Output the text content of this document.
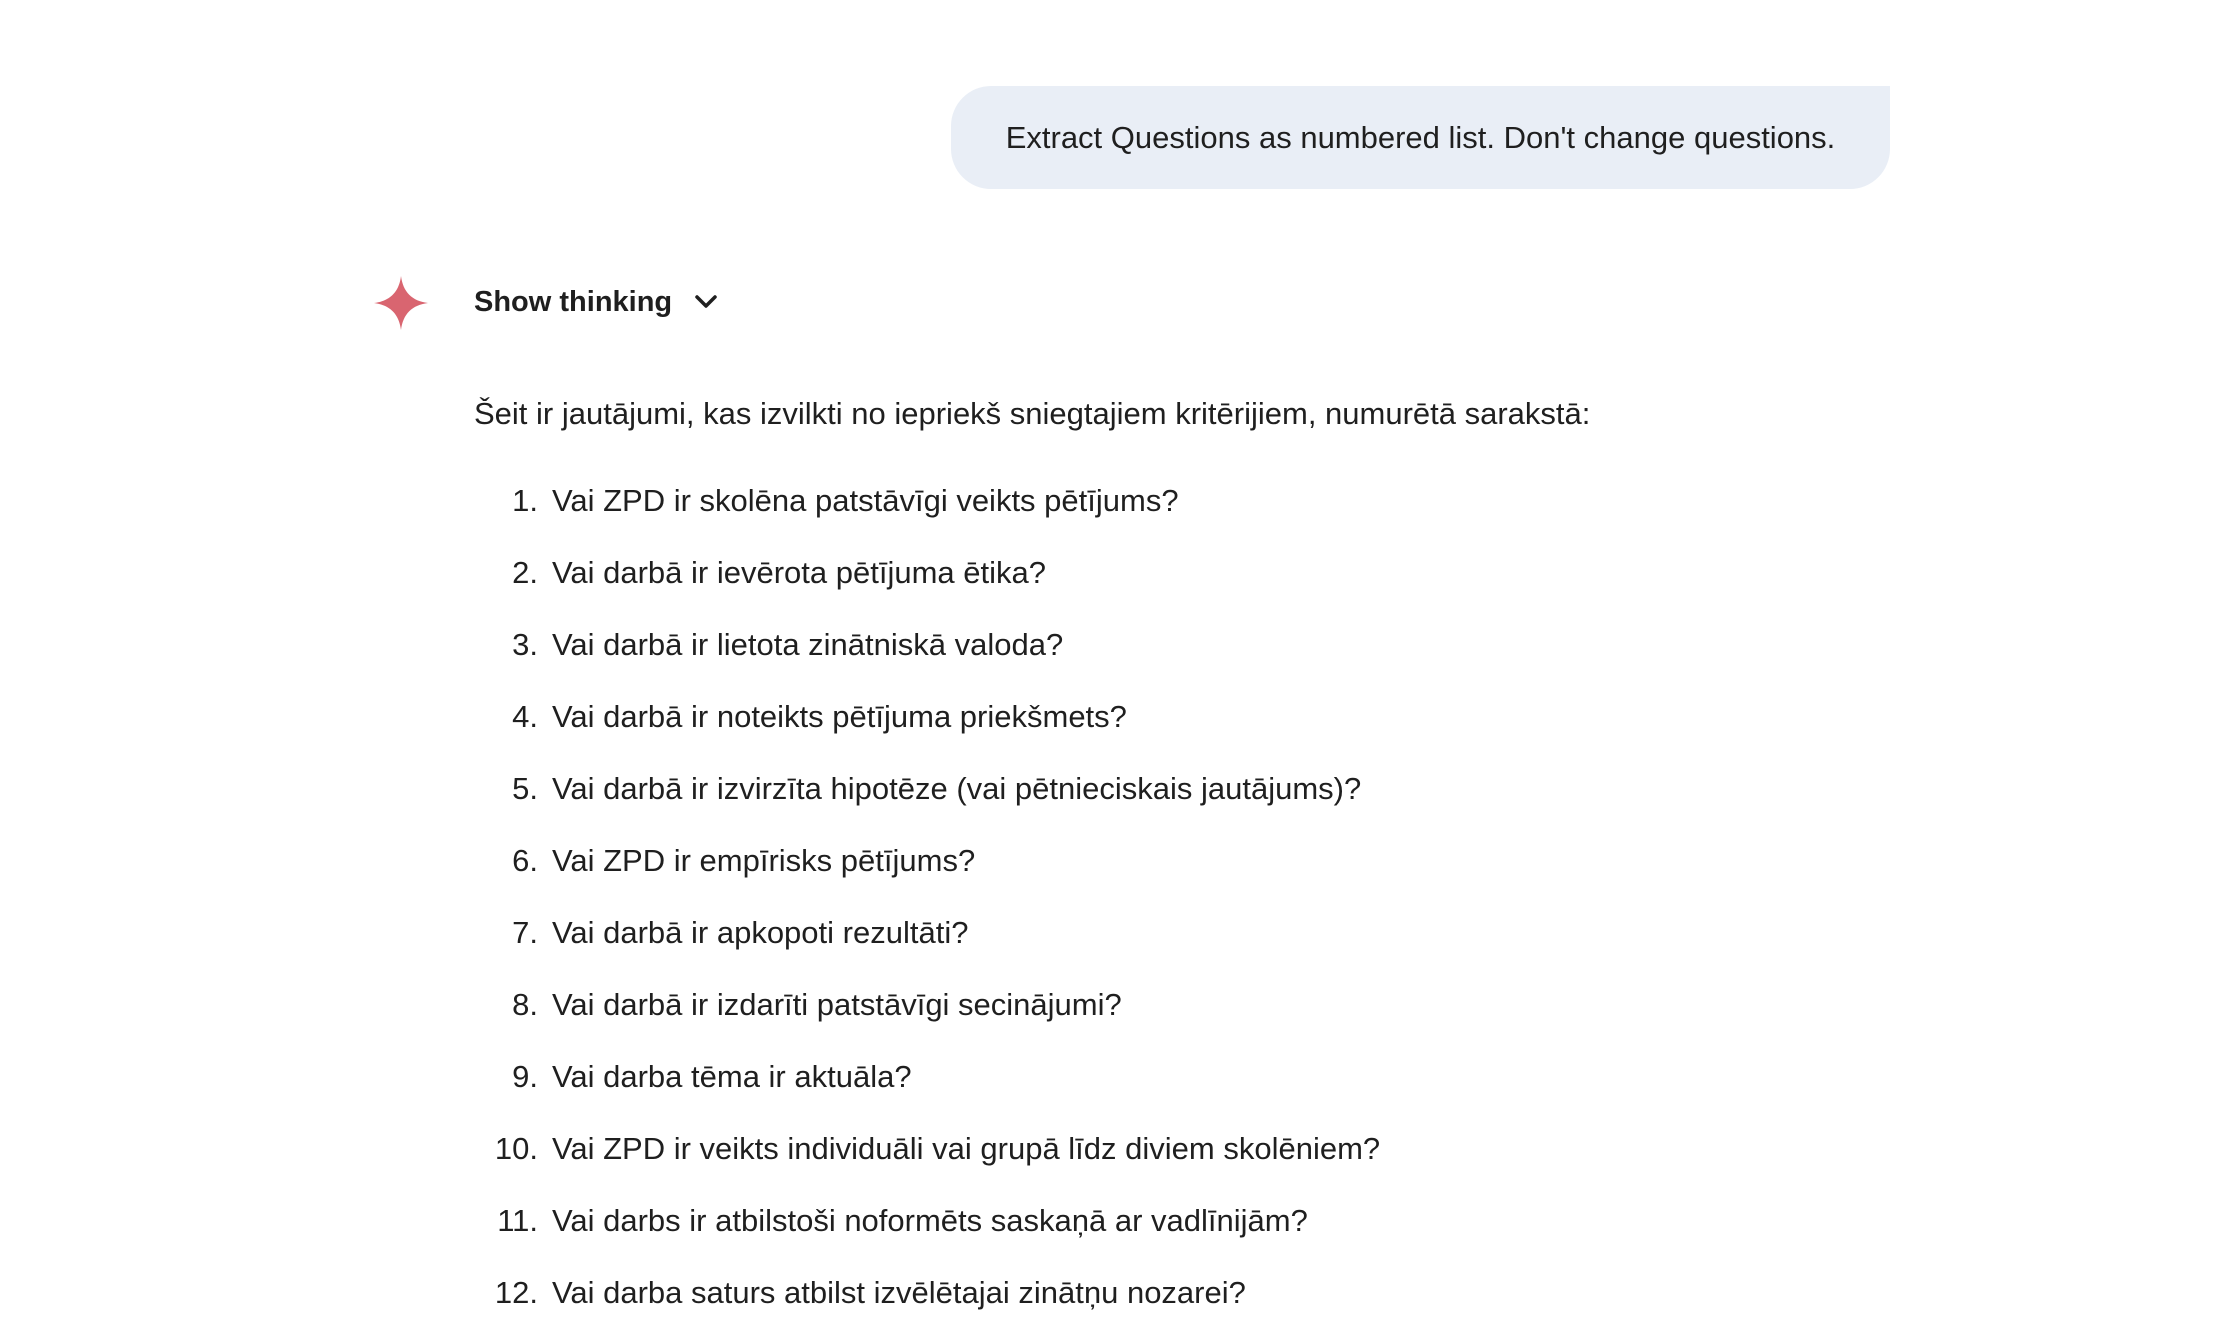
Extract Questions as numbered list. Don't change questions.
Show thinking
Šeit ir jautājumi, kas izvilkti no iepriekš sniegtajiem kritērijiem, numurētā sarakstā:
1. Vai ZPD ir skolēna patstāvīgi veikts pētījums?
2. Vai darbā ir ievērota pētījuma ētika?
3. Vai darbā ir lietota zinātniskā valoda?
4. Vai darbā ir noteikts pētījuma priekšmets?
5. Vai darbā ir izvirzīta hipotēze (vai pētnieciskais jautājums)?
6. Vai ZPD ir empīrisks pētījums?
7. Vai darbā ir apkopoti rezultāti?
8. Vai darbā ir izdarīti patstāvīgi secinājumi?
9. Vai darba tēma ir aktuāla?
10. Vai ZPD ir veikts individuāli vai grupā līdz diviem skolēniem?
11. Vai darbs ir atbilstoši noformēts saskaņā ar vadlīnijām?
12. Vai darba saturs atbilst izvēlētajai zinātņu nozarei?
